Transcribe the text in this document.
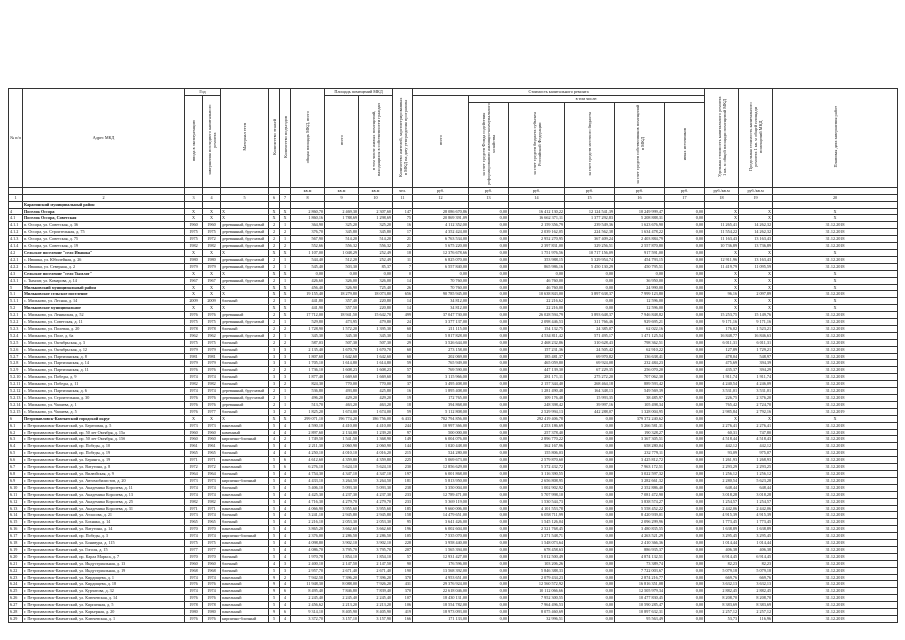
№ п/п	Адрес МКД	Год		Материал стен	Количество этажей	Количество подъездов	общая площадь МКД, всего	Площадь помещений МКД		Количество жителей, зарегистрированных в МКД на дату утверждения программы	Стоимость капитального ремонта						Удельная стоимость капитального ремонта 1 кв. м общей площади помещений МКД	Предельная стоимость капитального ремонта 1 кв. м общей площади помещений МКД	Плановая дата завершения работ
		ввода в эксплуатацию	завершения последнего капитального ремонта					всего	в том числе жилых помещений, находящихся в собственности граждан		всего	в том числе:							
												за счет средств Фонда содействия реформированию жилищно-коммунального хозяйства	за счет средств бюджета субъекта Российской Федерации	за счет средств местного бюджета	за счет средств собственников помещений в МКД	иных источников			
							кв.м	кв.м	кв.м	чел.	руб.	руб.	руб.	руб.	руб.	руб.	руб./кв.м	руб./кв.м	
1	2	3	4	5	6	7	8	9	10	11	12	13	14	15	16	17	18	19	20
	Карагинский муниципальный район																		
4	Поселок Оссора	X	X	X	X	X	2 860,70	2 469,30	2 307,60	147	28 086 670,86	0,00	16 412 130,22	12 124 541,39	10 249 999,47	0,00	X	X	X
4.1	Поселок Оссора, Советская	X	X	X	X	X	1 860,16	1 788,69	1 298,69	75	20 869 391,09	0,00	16 662 371,11	1 377 292,83	5 208 888,31	0,00	X	X	X
4.1.1	п. Оссора, ул. Советская, д. 36	1960	1960	деревянный, брусчатый	2	1	364,90	325,20	325,20	16	4 112 352,00	0,00	2 159 356,79	239 549,36	1 623 676,90	0,00	11 265,41	14 262,32	31.12.2018
4.1.2	п. Оссора, ул. Строительная, д. 75	1975	1975	деревянный, брусчатый	2	2	376,70	345,80	345,80	17	4 352 424,00	0,00	2 039 162,05	224 562,38	1 634 478,22	0,00	11 554,22	14 262,32	31.12.2018
4.1.3	п. Оссора, ул. Советская, д. 75	1975	1972	деревянный, брусчатый	2	1	567,90	514,20	514,20	21	6 763 534,00	0,00	2 952 270,95	367 409,24	2 403 884,79	0,00	11 163,43	13 163,43	31.12.2018
4.1.4	п. Оссора, ул. Советская, д. 19	1982	1982	деревянный, брусчатый	2	2	552,66	556,32	556,32	21	5 675 220,00	0,00	2 397 831,00	329 256,51	2 557 870,80	0,00	10 736,89	13 736,89	31.12.2018
4.2	Сельское поселение "село Ивашка"	X	X	X	X	X	1 107,00	1 048,29	252,49	18	12 376 678,66	0,00	1 751 976,56	10 717 156,09	917 591,00	0,00	X	X	X
4.2.1	с. Ивашка, ул. Юбилейная, д. 26	1980	1980	деревянный, брусчатый	2	1	544,40	512,20	252,49	11	6 825 070,00	0,00	353 988,15	5 329 954,74	454 793,15	0,00	12 911,96	13 163,43	31.12.2018
4.2.2	с. Ивашка, ул. Северная, д. 2	1979	1979	деревянный, брусчатый	2	1	545,40	503,30	85,37	7	6 557 840,00	0,00	865 986,16	5 450 130,29	450 795,51	0,00	11 419,79	11 095,59	31.12.2018
4.3	Сельское поселение "село Тымлат"	X	X	X	X	X	0,00	0,00	0,00	0	0,00	0,00	0,00	0,00	0,00	0,00	X	X	X
4.3.1	с. Тымлат, ул. Комарова, д. 14	1967	1967	деревянный, брусчатый	2	1	426,60	326,00	326,00	14	70 760,00	0,00	46 760,00	0,00	36 950,00	0,00	X	X	X
5	Мильковский муниципальный район	X	X	X	X	X	456,40	326,90	725,40	26	70 760,00	0,00	46 760,00	0,00	24 990,00	0,00	X	X	X
5.1	Мильковское сельское поселение	X	X	X	X	X	19 155,40	18 279,80	18 073,80	656	90 785 945,00	0,00	10 638 843,00	3 897 638,37	7 999 123,80	0,00	96,16	2 097,89	31.12.2018
5.1.1	с. Мильково, ул. Лесная, д. 14	2009	2009	блочный	2	1	441,80	357,40	220,80	14	34 812,00	0,00	22 216,62	0,00	12 596,00	0,00	X	X	X
5.2	Мильковское муниципальное	X	X	X	X	X	441,90	357,50	220,80	14	34 812,00	0,00	22 216,00	0,00	12 596,00	0,00	X	X	X
5.2.1	с. Мильково, ул. Ленинская, д. 52	1976	1976	деревянный	2	X	17 712,00	18 941,50	15 642,70	499	37 047 730,00	0,00	26 028 594,79	3 893 648,37	7 946 848,82	0,00	15 253,75	15 149,76	31.12.2018
5.2.2	с. Мильково, ул. Советская, д. 11	1975	1975	деревянный, брусчатый	2	1	529,80	473,95	479,80	24	3 377 137,00	0,00	2 098 446,53	311 766,46	929 695,21	0,00	9 171,16	9 171,16	31.12.2018
5.2.3	с. Мильково, ул. Полевая, д. 20	1978	1978	блочный	2	2	1 728,90	1 572,20	1 395,30	60	211 115,00	0,00	154 132,75	24 385,07	62 022,16	0,00	176,02	1 523,21	31.12.2018
5.2.4	с. Мильково, ул. Поле, д. 6а	1962	1962	деревянный, брусчатый	2	1	345,30	345,30	345,30	14	5 817 828,00	0,00	4 534 811,42	571 495,17	1 471 125,54	0,00	16 848,77	16 846,63	31.12.2018
5.2.5	с. Мильково, ул. Октябрьская, д. 3	1975	1975	блочный	2	2	587,03	507,30	507,30	29	3 526 644,00	0,00	2 468 232,86	310 628,43	798 362,51	0,00	6 011,31	6 011,31	31.12.2018
5.2.6	с. Мильково, ул. Октябрьская, д. 12	1979	1979	блочный	3	3	2 135,40	1 670,70	1 670,70	60	273 158,00	0,00	157 231,36	24 505,42	62 910,22	0,00	127,89	1 729,21	31.12.2018
5.2.7	с. Мильково, ул. Партизанская, д. 8	1981	1981	блочный	3	3	1 807,60	1 642,60	1 642,60	60	202 069,00	0,00	185 481,37	69 970,82	136 638,41	0,00	478,04	548,97	31.12.2018
5.2.8	с. Мильково, ул. Партизанская, д. 14	1979	1979	блочный	3	3	1 705,10	1 614,80	1 614,80	59	765 949,00	0,00	465 059,80	69 924,08	232 484,23	0,00	475,69	394,39	31.12.2018
5.2.9	с. Мильково, ул. Партизанская, д. 11	1976	1976	блочный	2	2	1 736,10	1 608,23	1 608,23	57	769 590,00	0,00	447 139,30	67 229,35	256 070,20	0,00	435,37	394,29	31.12.2018
5.2.10	с. Мильково, ул. Победы, д. 9	1974	1974	блочный	3	3	1 877,40	1 669,60	1 669,60	58	3 115 966,00	0,00	281 171,11	275 272,20	707 062,30	0,00	1 911,74	1 911,74	31.12.2018
5.2.11	с. Мильково, ул. Победы, д. 11	1982	1982	блочный	3	2	824,30	770,00	770,00	37	3 495 408,00	0,00	2 157 344,40	268 464,18	889 593,42	0,00	4 240,54	4 246,09	31.12.2018
5.2.12	с. Мильково, ул. Партизанская, д. 6	1974	1974	деревянный, брусчатый	2	1	536,80	493,80	425,80	16	1 895 408,00	0,00	1 281 490,48	164 348,13	549 569,39	0,00	3 531,01	3 531,01	31.12.2018
5.2.13	с. Мильково, ул. Строительная, д. 30	1976	1976	деревянный, брусчатый	2	1	496,20	429,20	429,20	19	172 765,00	0,00	109 176,48	15 993,35	38 485,97	0,00	226,75	2 376,20	31.12.2018
5.2.14	с. Мильково, ул. Чапаева, д. 1	1976	1976	деревянный	2	1	513,70	463,20	463,20	18	394 868,00	0,00	248 398,42	39 997,16	105 498,34	0,00	765,42	2 724,70	31.12.2018
5.2.15	с. Мильково, ул. Чапаева, д. 5	1976	1977	блочный	3	2	1 825,20	1 674,00	1 674,00	59	5 112 808,00	0,00	2 529 994,13	442 288,07	1 328 004,95	0,00	2 985,84	2 792,16	31.12.2019
6	Петропавловск-Камчатский городской округ	X	X	X	X	X	299 071,10	196 774,20	186 756,00	6 433	702 794 856,00	0,00	292 419 406,78	0,00	379 372 240,62	0,00	X	X	X
6.1	г. Петропавловск-Камчатский, ул. Береговая, д. 5	1973	1973	панельный	5	4	4 590,10	4 410,00	4 410,00	244	10 997 366,00	0,00	4 253 186,69	0,00	5 266 581,31	0,00	2 276,41	2 276,41	31.12.2018
6.2	г. Петропавловск-Камчатский, пр. 50 лет Октября, д. 15а	1960	1960	каменный	4	4	2 897,60	2 134,00	1 239,20	97	500 000,00	0,00	257 378,40	0,00	190 328,27	0,00	60,31	747,80	31.12.2018
6.3	г. Петропавловск-Камчатский, пр. 50 лет Октября, д. 15б	1960	1960	кирпично-блочный	4	2	1 749,50	1 541,50	1 368,90	149	6 004 076,00	0,00	2 896 770,22	0,00	3 367 305,51	0,00	4 518,44	4 518,43	31.12.2018
6.4	г. Петропавловск-Камчатский, пр. Победы, д. 10	1961	1961	блочный	5	4	2 211,30	2 060,90	2 060,90	144	1 020 448,00	0,00	362 167,96	0,00	658 280,04	0,00	442,12	442,12	31.12.2018
6.5	г. Петропавловск-Камчатский, пр. Победы, д. 19	1965	1965	блочный	4	4	4 250,10	4 010,10	4 016,20	215	524 280,00	0,00	155 806,03	0,00	232 779,11	0,00	93,09	975,07	31.12.2018
6.6	г. Петропавловск-Камчатский, ул. Беринга, д. 19	1971	1971	панельный	5	6	4 612,60	4 359,80	4 359,80	225	5 069 673,00	0,00	2 579 870,60	0,00	3 425 812,72	0,00	1 261,93	1 268,93	31.12.2018
6.7	г. Петропавловск-Камчатский, ул. Ватутина, д. 8	1972	1972	панельный	5	6	6 276,10	5 624,10	5 624,10	230	12 856 629,00	0,00	5 372 432,72	0,00	7 963 172,51	0,00	2 293,29	2 293,25	31.12.2018
6.8	г. Петропавловск-Камчатский, ул. Вилюйская, д. 9	1964	1964	блочный	5	4	4 754,30	4 347,10	4 347,10	197	6 001 868,00	0,00	3 116 390,55	0,00	3 022 597,32	0,00	1 256,12	1 256,12	31.12.2018
6.9	г. Петропавловск-Камчатский, ул. Автомобилистов, д. 20	1973	1973	кирпично-блочный	5	4	4 433,10	3 264,50	3 264,50	181	5 813 950,00	0,00	2 656 808,95	0,00	3 282 661,32	0,00	2 280,54	5 623,28	31.12.2018
6.10	г. Петропавловск-Камчатский, ул. Академика Королева, д. 11	1974	1974	блочный	5	4	5 406,10	5 093,30	5 093,30	238	3 350 004,00	0,00	1 002 902,92	0,00	2 352 886,40	0,00	648,44	648,44	31.12.2018
6.11	г. Петропавловск-Камчатский, ул. Академика Королева, д. 13	1974	1974	панельный	5	4	4 425,30	4 237,30	4 237,30	233	12 789 471,00	0,00	5 707 998,10	0,00	7 081 472,90	0,00	3 018,28	3 018,28	31.12.2018
6.12	г. Петропавловск-Камчатский, ул. Академика Королева, д. 25	1982	1982	панельный	5	4	4 716,30	4 279,70	4 279,70	233	5 369 119,00	0,00	1 530 544,73	0,00	3 838 574,27	0,00	1 254,57	1 254,57	31.12.2018
6.13	г. Петропавловск-Камчатский, ул. Академика Королева, д. 31	1971	1971	панельный	5	4	4 066,90	3 955,60	3 955,60	185	9 660 006,00	0,00	4 101 553,78	0,00	5 558 452,22	0,00	2 442,06	2 442,06	31.12.2018
6.14	г. Петропавловск-Камчатский, ул. Атласова, д. 21	1973	1974	блочный	5	4	3 241,10	2 945,80	2 945,80	158	14 479 651,00	0,00	6 058 711,99	0,00	8 420 939,01	0,00	4 915,39	4 915,39	31.12.2018
6.15	г. Петропавловск-Камчатский, ул. Бохняка, д. 14	1965	1965	блочный	5	4	2 216,10	2 053,30	2 053,30	95	3 641 426,00	0,00	1 545 126,04	0,00	2 096 299,96	0,00	1 773,45	1 773,45	31.12.2018
6.16	г. Петропавловск-Камчатский, ул. Ватутина, д. 14	1970	1970	панельный	5	4	3 865,20	3 662,60	3 662,60	196	6 002 604,00	0,00	2 521 768,45	0,00	3 480 835,55	0,00	1 638,89	1 638,89	31.12.2018
6.17	г. Петропавловск-Камчатский, пр. Победы, д. 3	1974	1974	кирпично-блочный	5	4	2 376,00	2 286,50	2 286,50	105	7 535 070,00	0,00	3 271 548,71	0,00	4 263 521,29	0,00	3 295,45	3 295,45	31.12.2018
6.18	г. Петропавловск-Камчатский, ул. Бонивура, д. 115	1975	1975	панельный	5	4	4 098,80	3 902,10	3 902,10	228	3 958 440,00	0,00	1 548 073,64	0,00	2 410 366,36	0,00	1 014,44	1 014,44	31.12.2018
6.19	г. Петропавловск-Камчатский, ул. Гоголя, д. 15	1977	1977	панельный	5	4	4 086,70	3 795,70	3 795,70	207	1 565 394,00	0,00	678 458,63	0,00	886 935,37	0,00	406,38	406,38	31.12.2018
6.20	г. Петропавловск-Камчатский, пр. Карла Маркса, д. 7	1970	1970	блочный	5	4	1 970,78	1 854,10	1 854,10	57	12 931 427,00	0,00	5 012 500,49	0,00	4 874 132,51	0,00	6 914,45	6 914,45	31.12.2018
6.21	г. Петропавловск-Камчатский, ул. Индустриальная, д. 13	1960	1960	блочный	4	3	2 400,10	2 147,50	2 147,50	90	176 596,00	0,00	103 206,26	0,00	73 389,74	0,00	82,23	82,23	31.12.2018
6.22	г. Петропавловск-Камчатский, ул. Индустриальная, д. 19	1968	1968	блочный	5	3	2 957,70	2 671,40	2 671,40	190	13 568 392,00	0,00	5 846 388,33	0,00	7 722 003,67	0,00	5 079,18	5 079,18	31.12.2018
6.23	г. Петропавловск-Камчатский, ул. Кирдищева, д. 1	1974	1974	панельный	9	2	7 942,50	7 396,20	7 396,20	370	4 953 651,00	0,00	2 079 434,23	0,00	2 874 216,77	0,00	669,76	669,76	31.12.2018
6.24	г. Петропавловск-Камчатский, ул. Кирдищева, д. 18	1976	1976	панельный	9	4	11 948,30	8 088,00	7 926,20	431	29 376 924,00	0,00	12 560 572,92	0,00	16 816 351,08	0,00	3 632,13	3 632,13	31.12.2018
6.25	г. Петропавловск-Камчатский, ул. Курчатова, д. 32	1974	1974	панельный	9	6	8 495,40	7 846,80	7 839,40	370	22 618 046,00	0,00	10 112 066,66	0,00	12 505 979,34	0,00	2 882,45	2 882,45	31.12.2018
6.26	г. Петропавловск-Камчатский, ул. Ключевская, д. 14	1976	1976	панельный	5	4	2 245,40	2 245,40	2 245,40	107	18 430 131,00	0,00	7 952 300,55	0,00	10 477 830,45	0,00	8 208,70	8 208,70	31.12.2018
6.27	г. Петропавловск-Камчатский, ул. Кирпичная, д. 5	1978	1978	панельный	5	4	2 456,62	2 213,20	2 213,20	106	18 554 782,00	0,00	7 964 496,53	0,00	10 590 285,47	0,00	8 383,69	8 383,69	31.12.2018
6.28	г. Петропавловск-Камчатский, ул. Карьерная, д. 20	1980	1980	панельный	9	6	9 314,10	8 405,90	8 405,90	419	18 973 093,00	0,00	8 075 460,69	0,00	10 897 632,31	0,00	2 257,12	2 257,12	31.12.2018
6.29	г. Петропавловск-Камчатский, ул. Ключевская, д. 1	1976	1976	кирпично-блочный	5	4	3 372,70	3 157,10	3 157,90	166	171 133,00	0,00	32 996,51	0,00	95 563,49	0,00	53,73	116,96	31.12.2018
